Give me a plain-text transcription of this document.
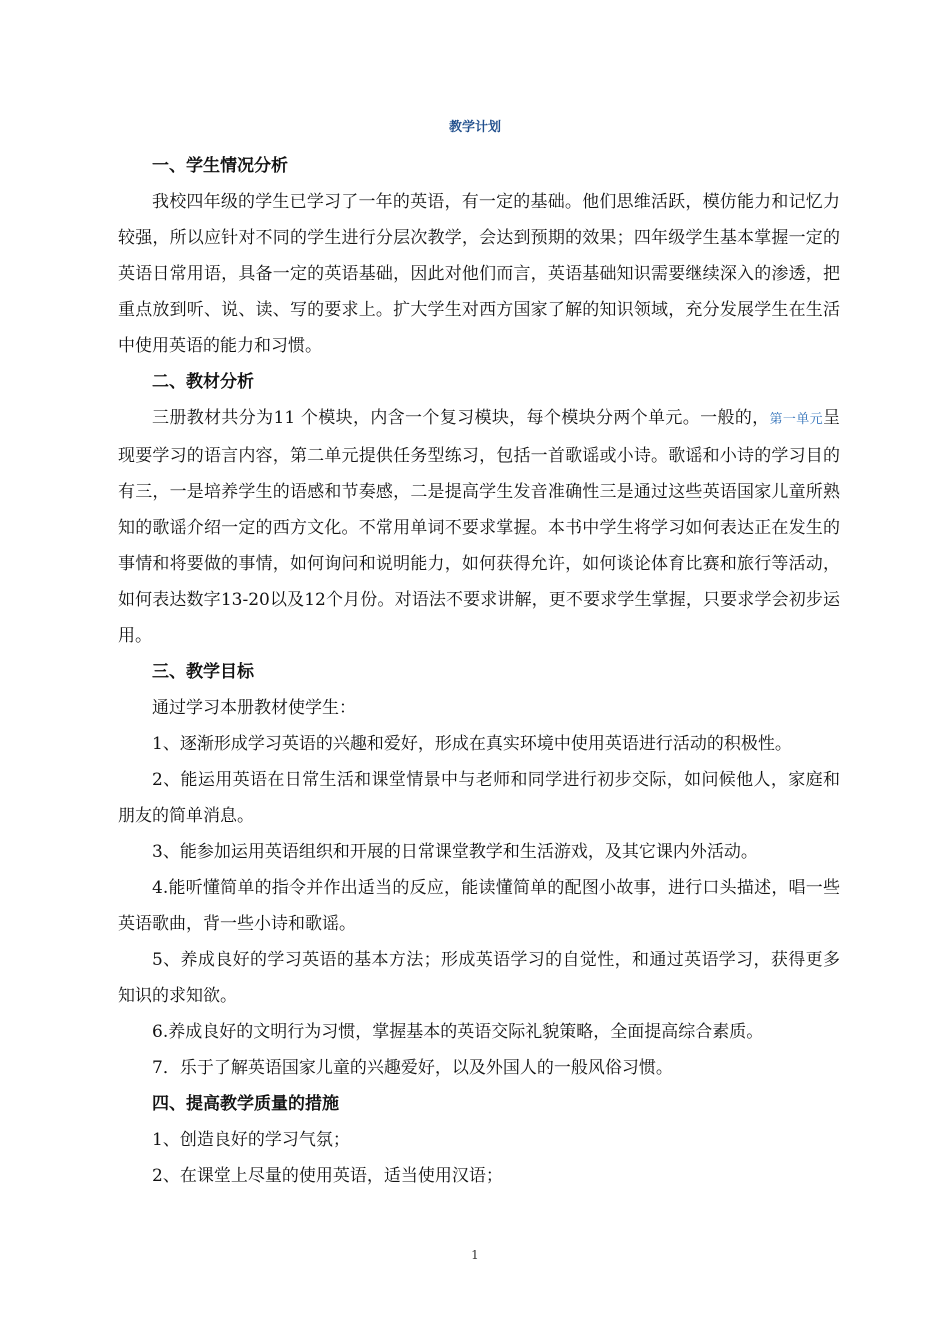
教学计划
一、学生情况分析

我校四年级的学生已学习了一年的英语，有一定的基础。他们思维活跃，模仿能力和记忆力较强，所以应针对不同的学生进行分层次教学，会达到预期的效果；四年级学生基本掌握一定的英语日常用语，具备一定的英语基础，因此对他们而言，英语基础知识需要继续深入的渗透，把重点放到听、说、读、写的要求上。扩大学生对西方国家了解的知识领域，充分发展学生在生活中使用英语的能力和习惯。

二、教材分析

三册教材共分为11 个模块，内含一个复习模块，每个模块分两个单元。一般的，第一单元呈现要学习的语言内容，第二单元提供任务型练习，包括一首歌谣或小诗。歌谣和小诗的学习目的有三，一是培养学生的语感和节奏感，二是提高学生发音准确性三是通过这些英语国家儿童所熟知的歌谣介绍一定的西方文化。不常用单词不要求掌握。本书中学生将学习如何表达正在发生的事情和将要做的事情，如何询问和说明能力，如何获得允许，如何谈论体育比赛和旅行等活动，如何表达数字13-20以及12个月份。对语法不要求讲解，更不要求学生掌握，只要求学会初步运用。

三、教学目标

通过学习本册教材使学生：

1、逐渐形成学习英语的兴趣和爱好，形成在真实环境中使用英语进行活动的积极性。

2、能运用英语在日常生活和课堂情景中与老师和同学进行初步交际，如问候他人，家庭和朋友的简单消息。

3、能参加运用英语组织和开展的日常课堂教学和生活游戏，及其它课内外活动。

4.能听懂简单的指令并作出适当的反应，能读懂简单的配图小故事，进行口头描述，唱一些英语歌曲，背一些小诗和歌谣。

5、养成良好的学习英语的基本方法；形成英语学习的自觉性，和通过英语学习，获得更多知识的求知欲。

6.养成良好的文明行为习惯，掌握基本的英语交际礼貌策略，全面提高综合素质。

7．乐于了解英语国家儿童的兴趣爱好，以及外国人的一般风俗习惯。

四、提高教学质量的措施

1、创造良好的学习气氛；

2、在课堂上尽量的使用英语，适当使用汉语；

1
